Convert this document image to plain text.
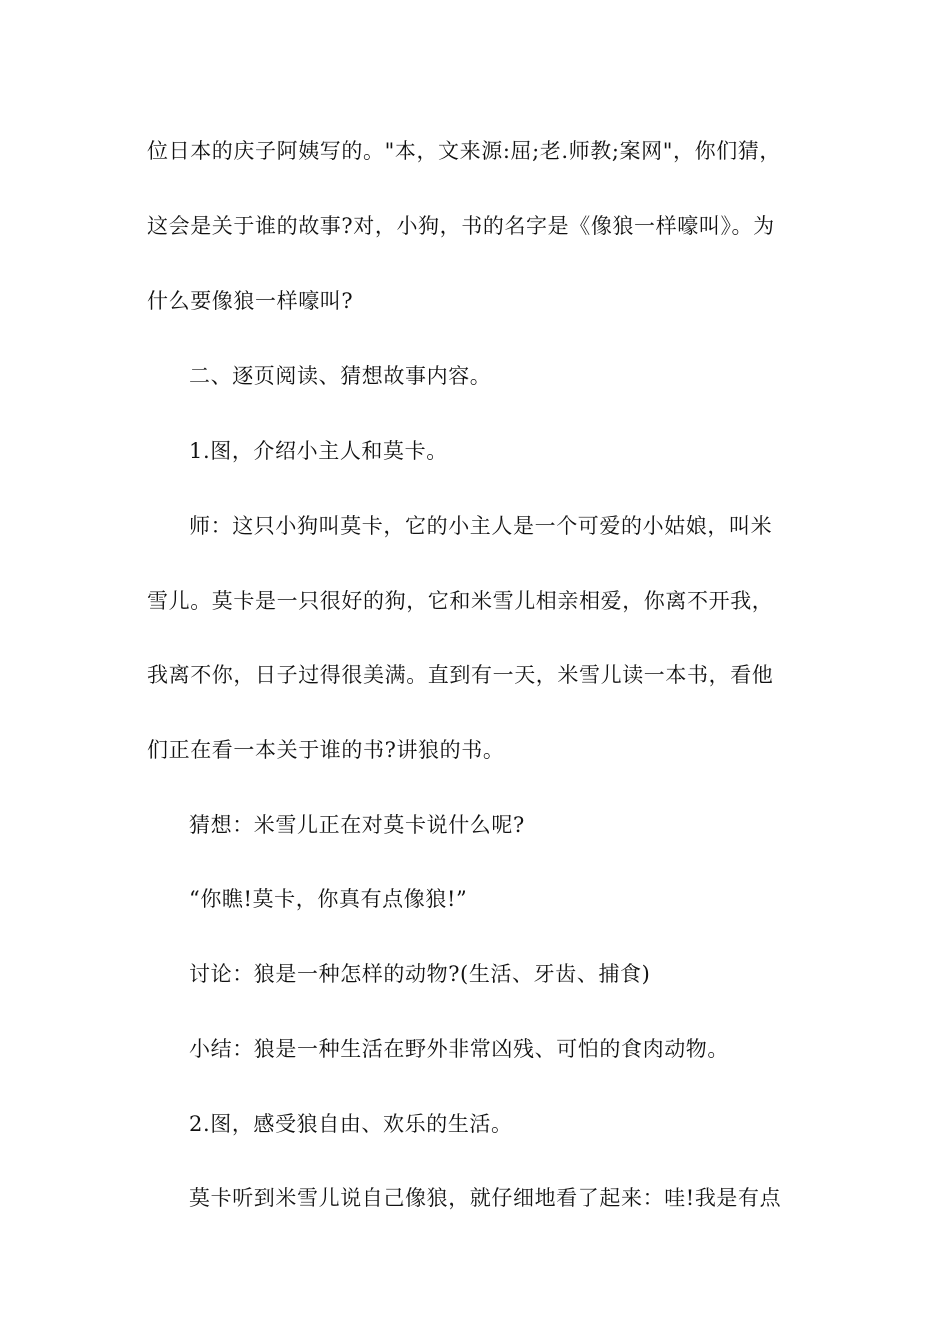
位日本的庆子阿姨写的。"本，文来源:屈;老.师教;案网"，你们猜，
这会是关于谁的故事?对，小狗，书的名字是《像狼一样嚎叫》。为
什么要像狼一样嚎叫?
二、逐页阅读、猜想故事内容。
1.图，介绍小主人和莫卡。
师：这只小狗叫莫卡，它的小主人是一个可爱的小姑娘，叫米
雪儿。莫卡是一只很好的狗，它和米雪儿相亲相爱，你离不开我，
我离不你，日子过得很美满。直到有一天，米雪儿读一本书，看他
们正在看一本关于谁的书?讲狼的书。
猜想：米雪儿正在对莫卡说什么呢?
“你瞧!莫卡，你真有点像狼!”
讨论：狼是一种怎样的动物?(生活、牙齿、捕食)
小结：狼是一种生活在野外非常凶残、可怕的食肉动物。
2.图，感受狼自由、欢乐的生活。
莫卡听到米雪儿说自己像狼，就仔细地看了起来：哇!我是有点
